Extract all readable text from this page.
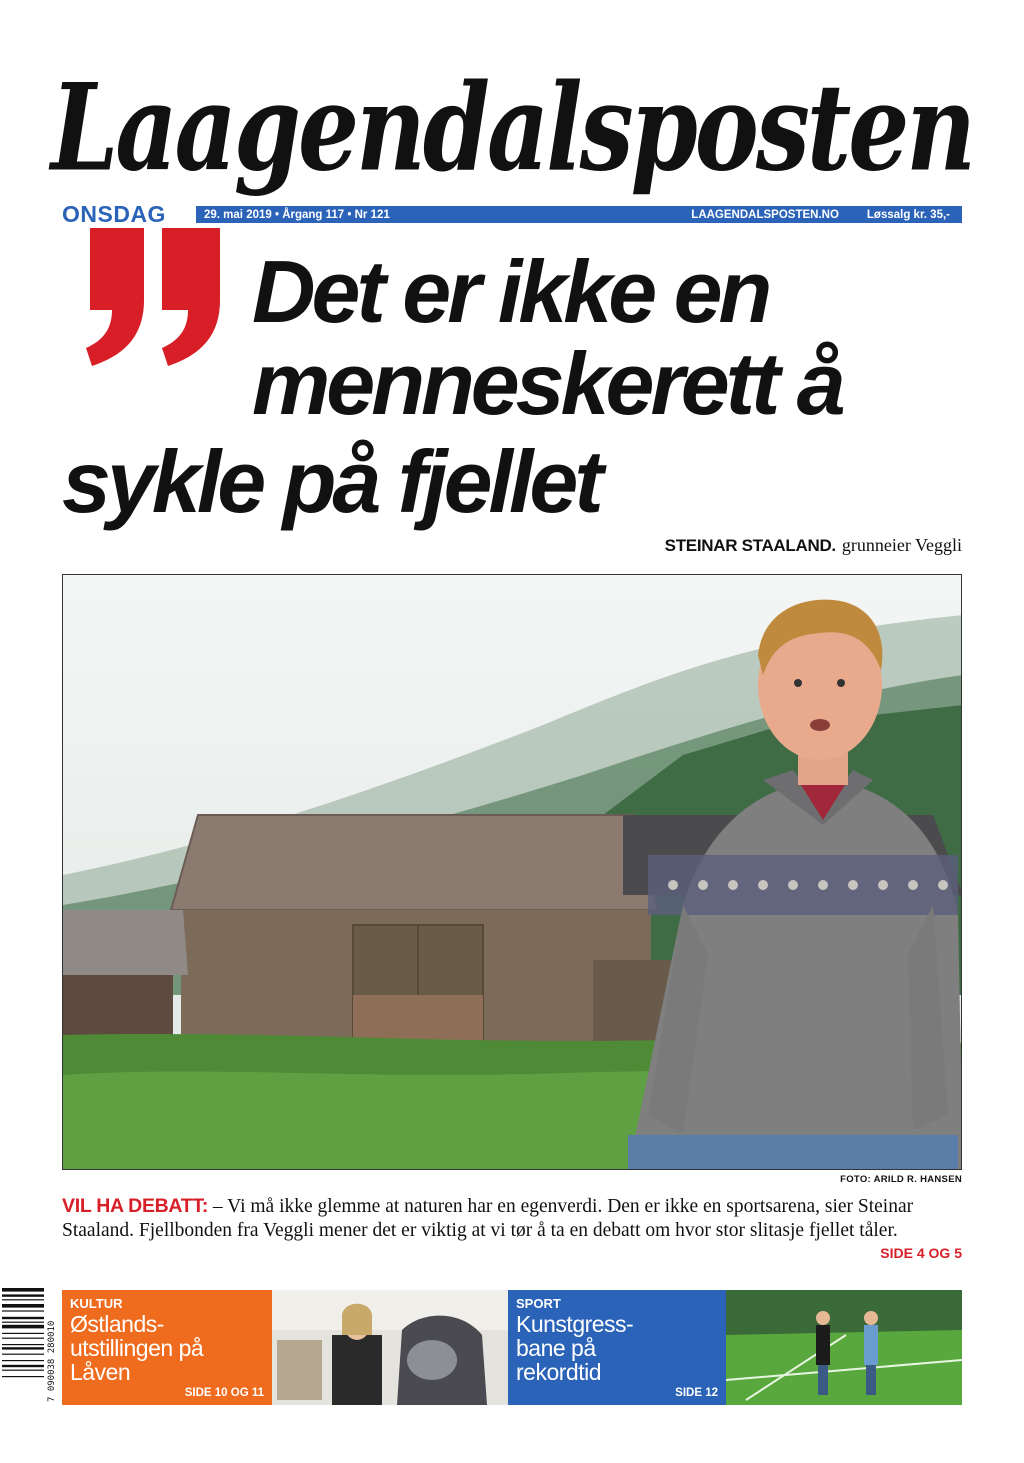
Laagendalsposten
ONSDAG	29. mai 2019 • Årgang 117 • Nr 121	LAAGENDALSPOSTEN.NO Løssalg kr. 35,-
Det er ikke en
menneskerett å
sykle på fjellet
STEINAR STAALAND. grunneier Veggli
FOTO: ARILD R. HANSEN
VIL HA DEBATT: – Vi må ikke glemme at naturen har en egenverdi. Den er ikke en sportsarena, sier Steinar Staaland. Fjellbonden fra Veggli mener det er viktig at vi tør å ta en debatt om hvor stor slitasje fjellet tåler.
SIDE 4 OG 5
7 090038 280010
KULTUR
Østlands-
utstillingen på
Låven
SIDE 10 OG 11
SPORT
Kunstgress-
bane på
rekordtid
SIDE 12
